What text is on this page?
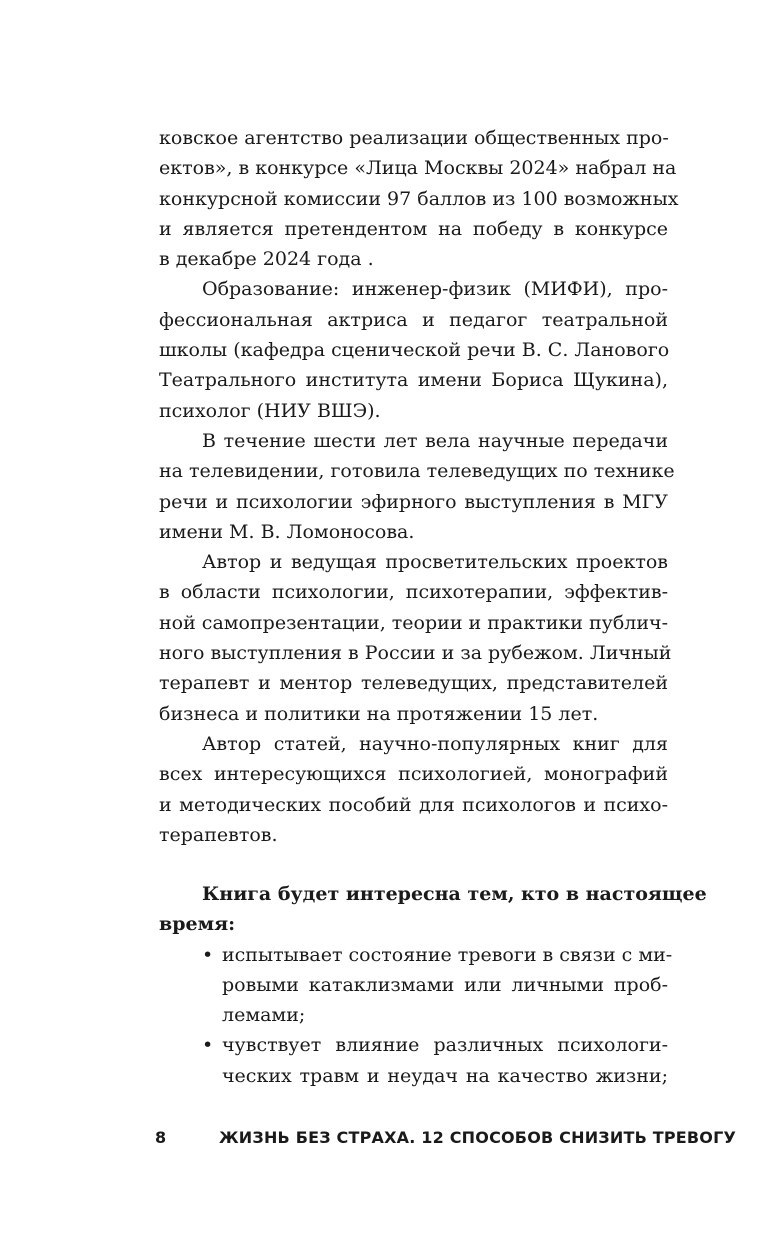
ковское агентство реализации общественных про-
ектов», в конкурсе «Лица Москвы 2024» набрал на
конкурсной комиссии 97 баллов из 100 возможных
и является претендентом на победу в конкурсе
в декабре 2024 года .
Образование: инженер-физик (МИФИ), про-
фессиональная актриса и педагог театральной
школы (кафедра сценической речи В. С. Ланового
Театрального института имени Бориса Щукина),
психолог (НИУ ВШЭ).
В течение шести лет вела научные передачи
на телевидении, готовила телеведущих по технике
речи и психологии эфирного выступления в МГУ
имени М. В. Ломоносова.
Автор и ведущая просветительских проектов
в области психологии, психотерапии, эффектив-
ной самопрезентации, теории и практики публич-
ного выступления в России и за рубежом. Личный
терапевт и ментор телеведущих, представителей
бизнеса и политики на протяжении 15 лет.
Автор статей, научно-популярных книг для
всех интересующихся психологией, монографий
и методических пособий для психологов и психо-
терапевтов.
Книга будет интересна тем, кто в настоящее
время:
• испытывает состояние тревоги в связи с ми-
ровыми катаклизмами или личными проб-
лемами;
• чувствует влияние различных психологи-
ческих травм и неудач на качество жизни;
8	ЖИЗНЬ БЕЗ СТРАХА. 12 СПОСОБОВ СНИЗИТЬ ТРЕВОГУ
